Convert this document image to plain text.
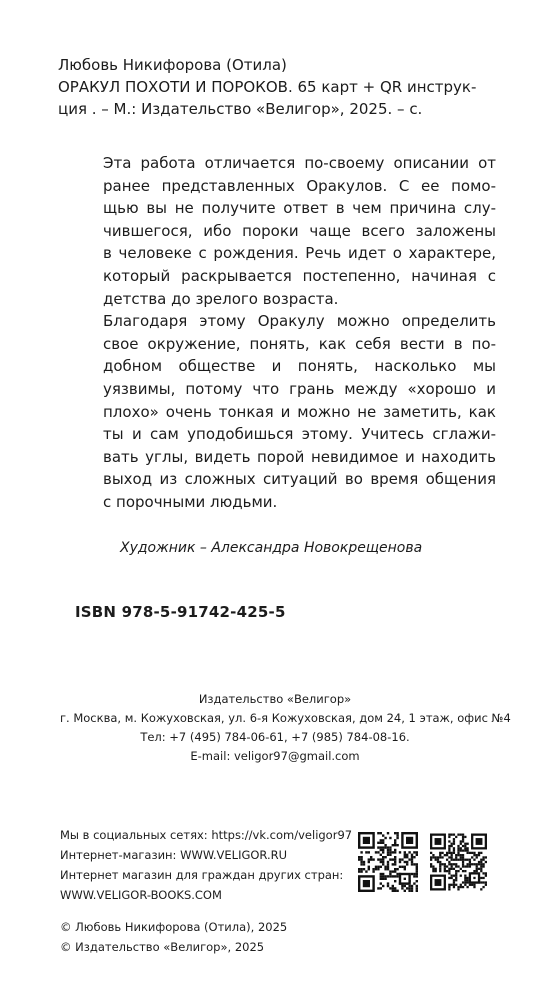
Любовь Никифорова (Отила)
ОРАКУЛ ПОХОТИ И ПОРОКОВ. 65 карт + QR инструк-
ция . – М.: Издательство «Велигор», 2025. – с.
Эта работа отличается по-своему описании от
ранее представленных Оракулов. С ее помо-
щью вы не получите ответ в чем причина слу-
чившегося, ибо пороки чаще всего заложены
в человеке с рождения. Речь идет о характере,
который раскрывается постепенно, начиная с
детства до зрелого возраста.
Благодаря этому Оракулу можно определить
свое окружение, понять, как себя вести в по-
добном обществе и понять, насколько мы
уязвимы, потому что грань между «хорошо и
плохо» очень тонкая и можно не заметить, как
ты и сам уподобишься этому. Учитесь сглажи-
вать углы, видеть порой невидимое и находить
выход из сложных ситуаций во время общения
с порочными людьми.
Художник – Александра Новокрещенова
ISBN 978-5-91742-425-5
Издательство «Велигор»
г. Москва, м. Кожуховская, ул. 6-я Кожуховская, дом 24, 1 этаж, офис №4
Тел: +7 (495) 784-06-61, +7 (985) 784-08-16.
E-mail: veligor97@gmail.com
Мы в социальных сетях: https://vk.com/veligor97
Интернет-магазин: WWW.VELIGOR.RU
Интернет магазин для граждан других стран:
WWW.VELIGOR-BOOKS.COM
© Любовь Никифорова (Отила), 2025
© Издательство «Велигор», 2025
